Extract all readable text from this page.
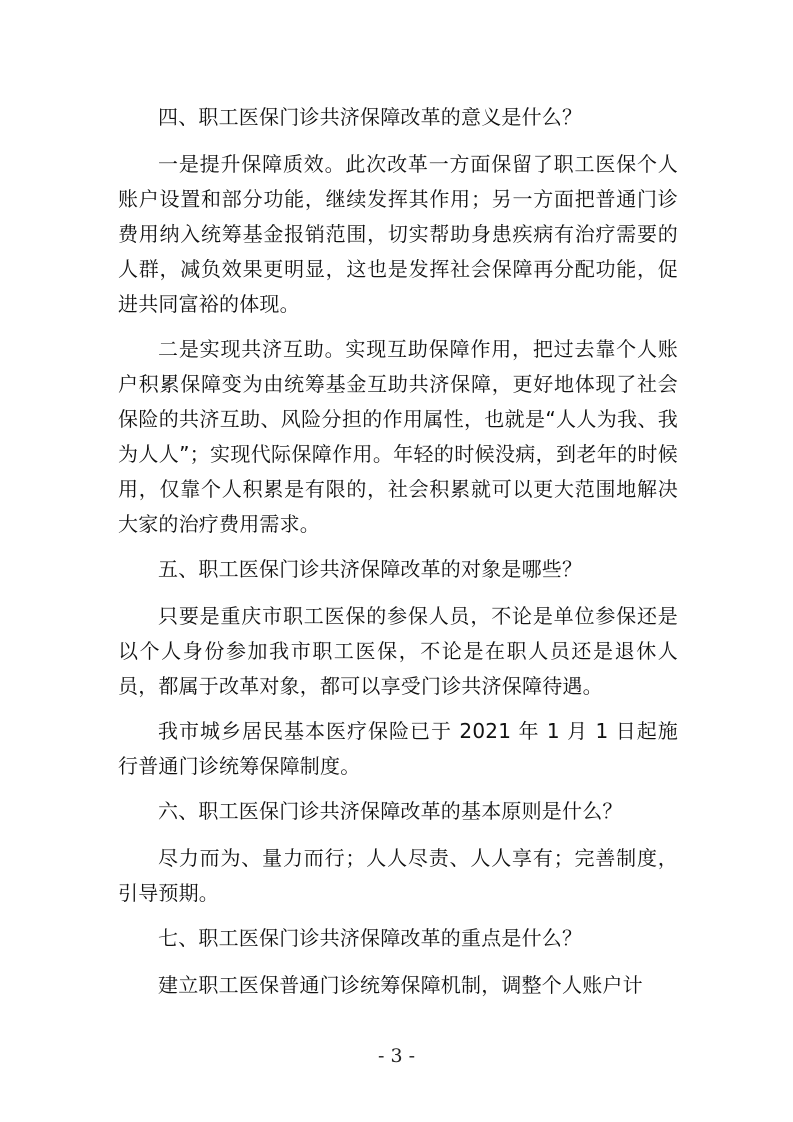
四、职工医保门诊共济保障改革的意义是什么？

一是提升保障质效。此次改革一方面保留了职工医保个人账户设置和部分功能，继续发挥其作用；另一方面把普通门诊费用纳入统筹基金报销范围，切实帮助身患疾病有治疗需要的人群，减负效果更明显，这也是发挥社会保障再分配功能，促进共同富裕的体现。

二是实现共济互助。实现互助保障作用，把过去靠个人账户积累保障变为由统筹基金互助共济保障，更好地体现了社会保险的共济互助、风险分担的作用属性，也就是“人人为我、我为人人”；实现代际保障作用。年轻的时候没病，到老年的时候用，仅靠个人积累是有限的，社会积累就可以更大范围地解决大家的治疗费用需求。

五、职工医保门诊共济保障改革的对象是哪些？

只要是重庆市职工医保的参保人员，不论是单位参保还是以个人身份参加我市职工医保，不论是在职人员还是退休人员，都属于改革对象，都可以享受门诊共济保障待遇。

我市城乡居民基本医疗保险已于 2021 年 1 月 1 日起施行普通门诊统筹保障制度。

六、职工医保门诊共济保障改革的基本原则是什么？

尽力而为、量力而行；人人尽责、人人享有；完善制度，引导预期。

七、职工医保门诊共济保障改革的重点是什么？

建立职工医保普通门诊统筹保障机制，调整个人账户计

- 3 -
